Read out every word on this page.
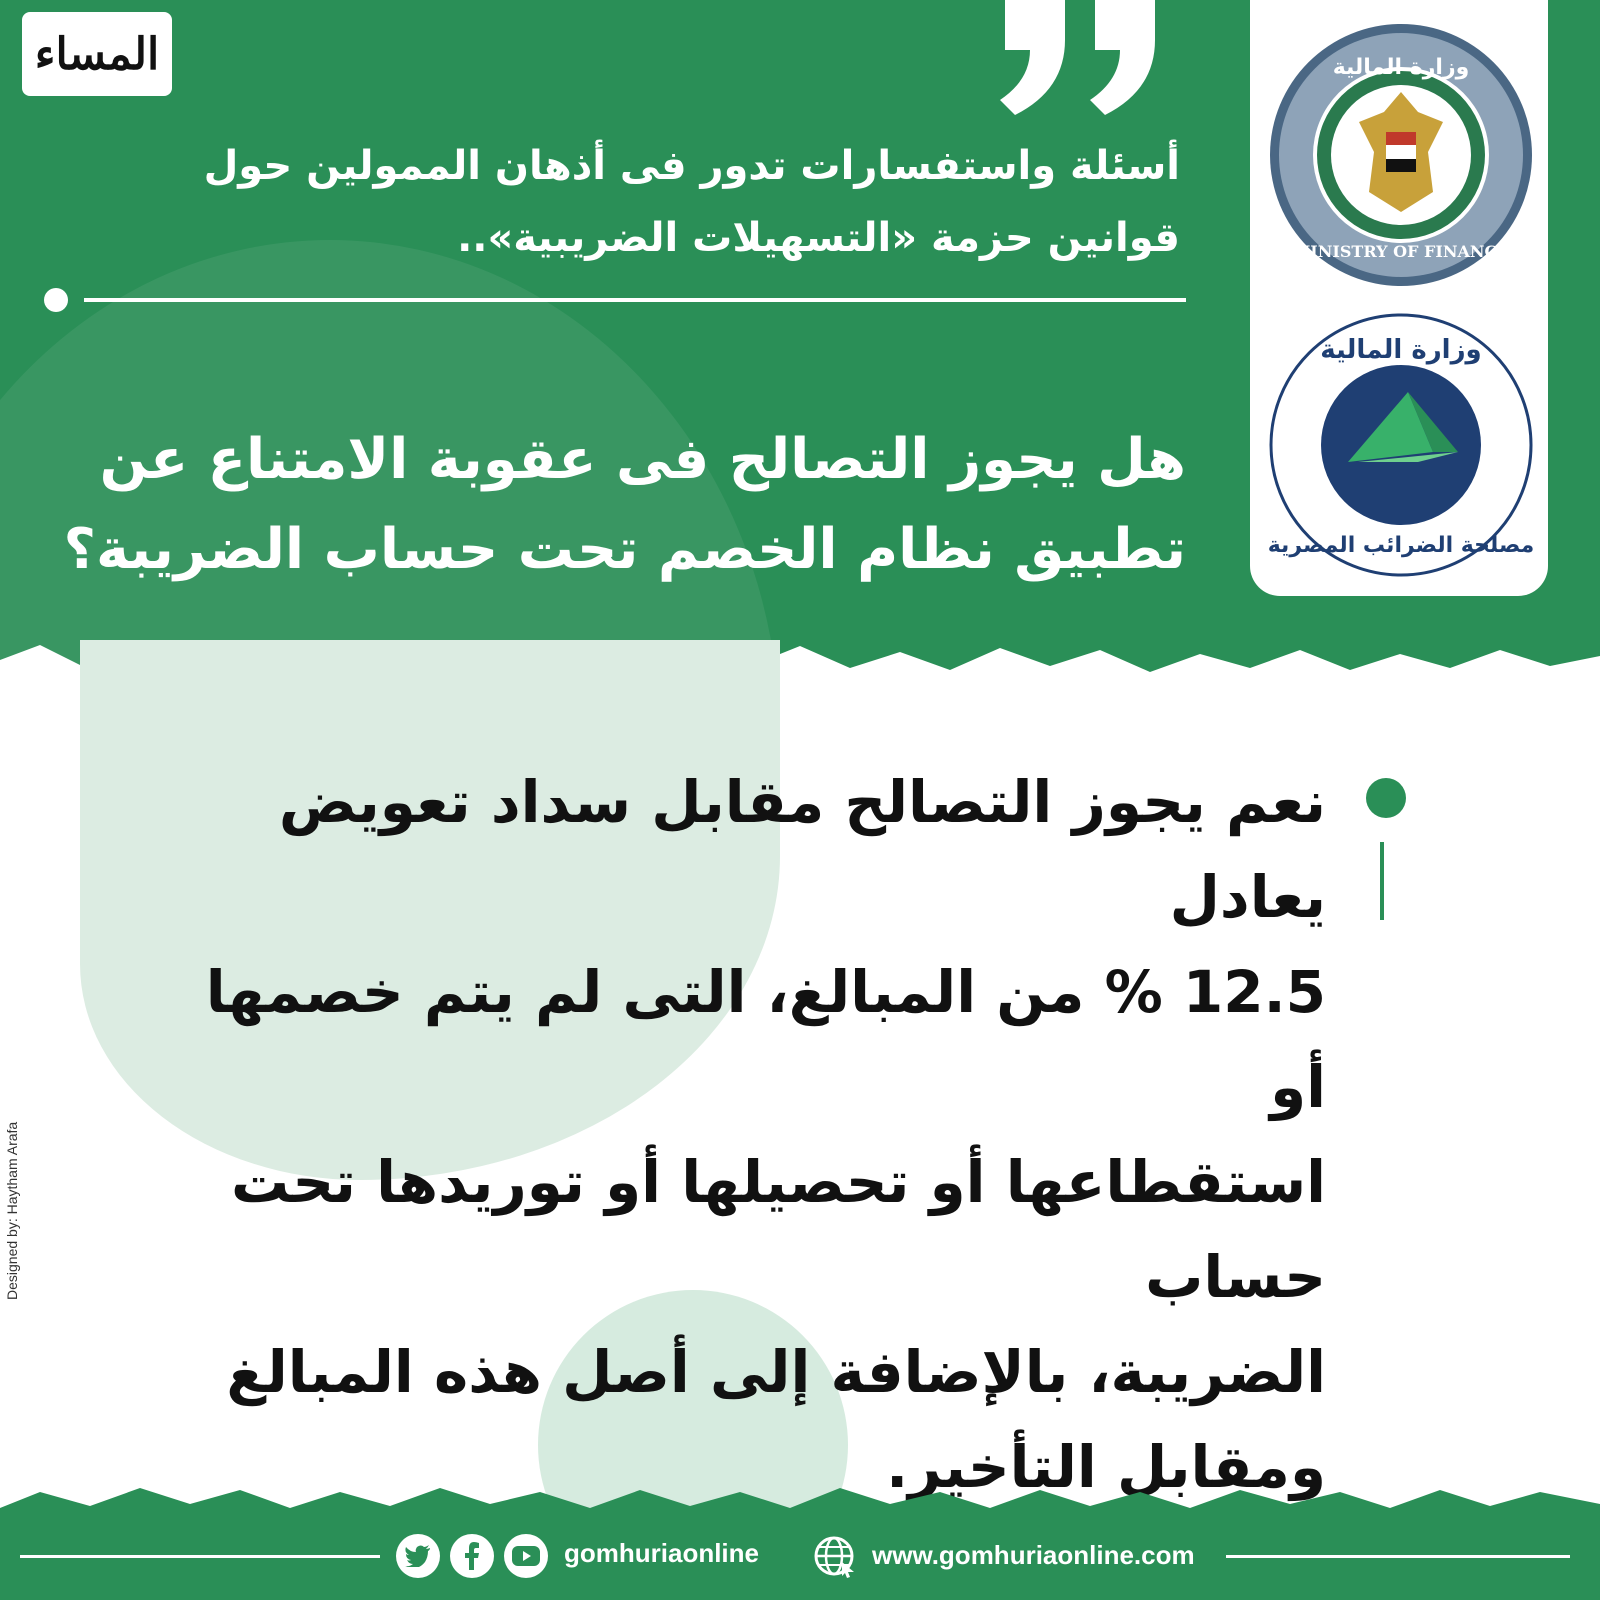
المساء
أسئلة واستفسارات تدور فى أذهان الممولين حول
قوانين حزمة «التسهيلات الضريبية»..
هل يجوز التصالح فى عقوبة الامتناع عن
تطبيق نظام الخصم تحت حساب الضريبة؟
وزارة المالية
MINISTRY OF FINANCE
وزارة المالية
مصلحة الضرائب المصرية
نعم يجوز التصالح مقابل سداد تعويض يعادل
12.5 % من المبالغ، التى لم يتم خصمها أو
استقطاعها أو تحصيلها أو توريدها تحت حساب
الضريبة، بالإضافة إلى أصل هذه المبالغ
ومقابل التأخير.
Designed by: Haytham Arafa
gomhuriaonline	www.gomhuriaonline.com
